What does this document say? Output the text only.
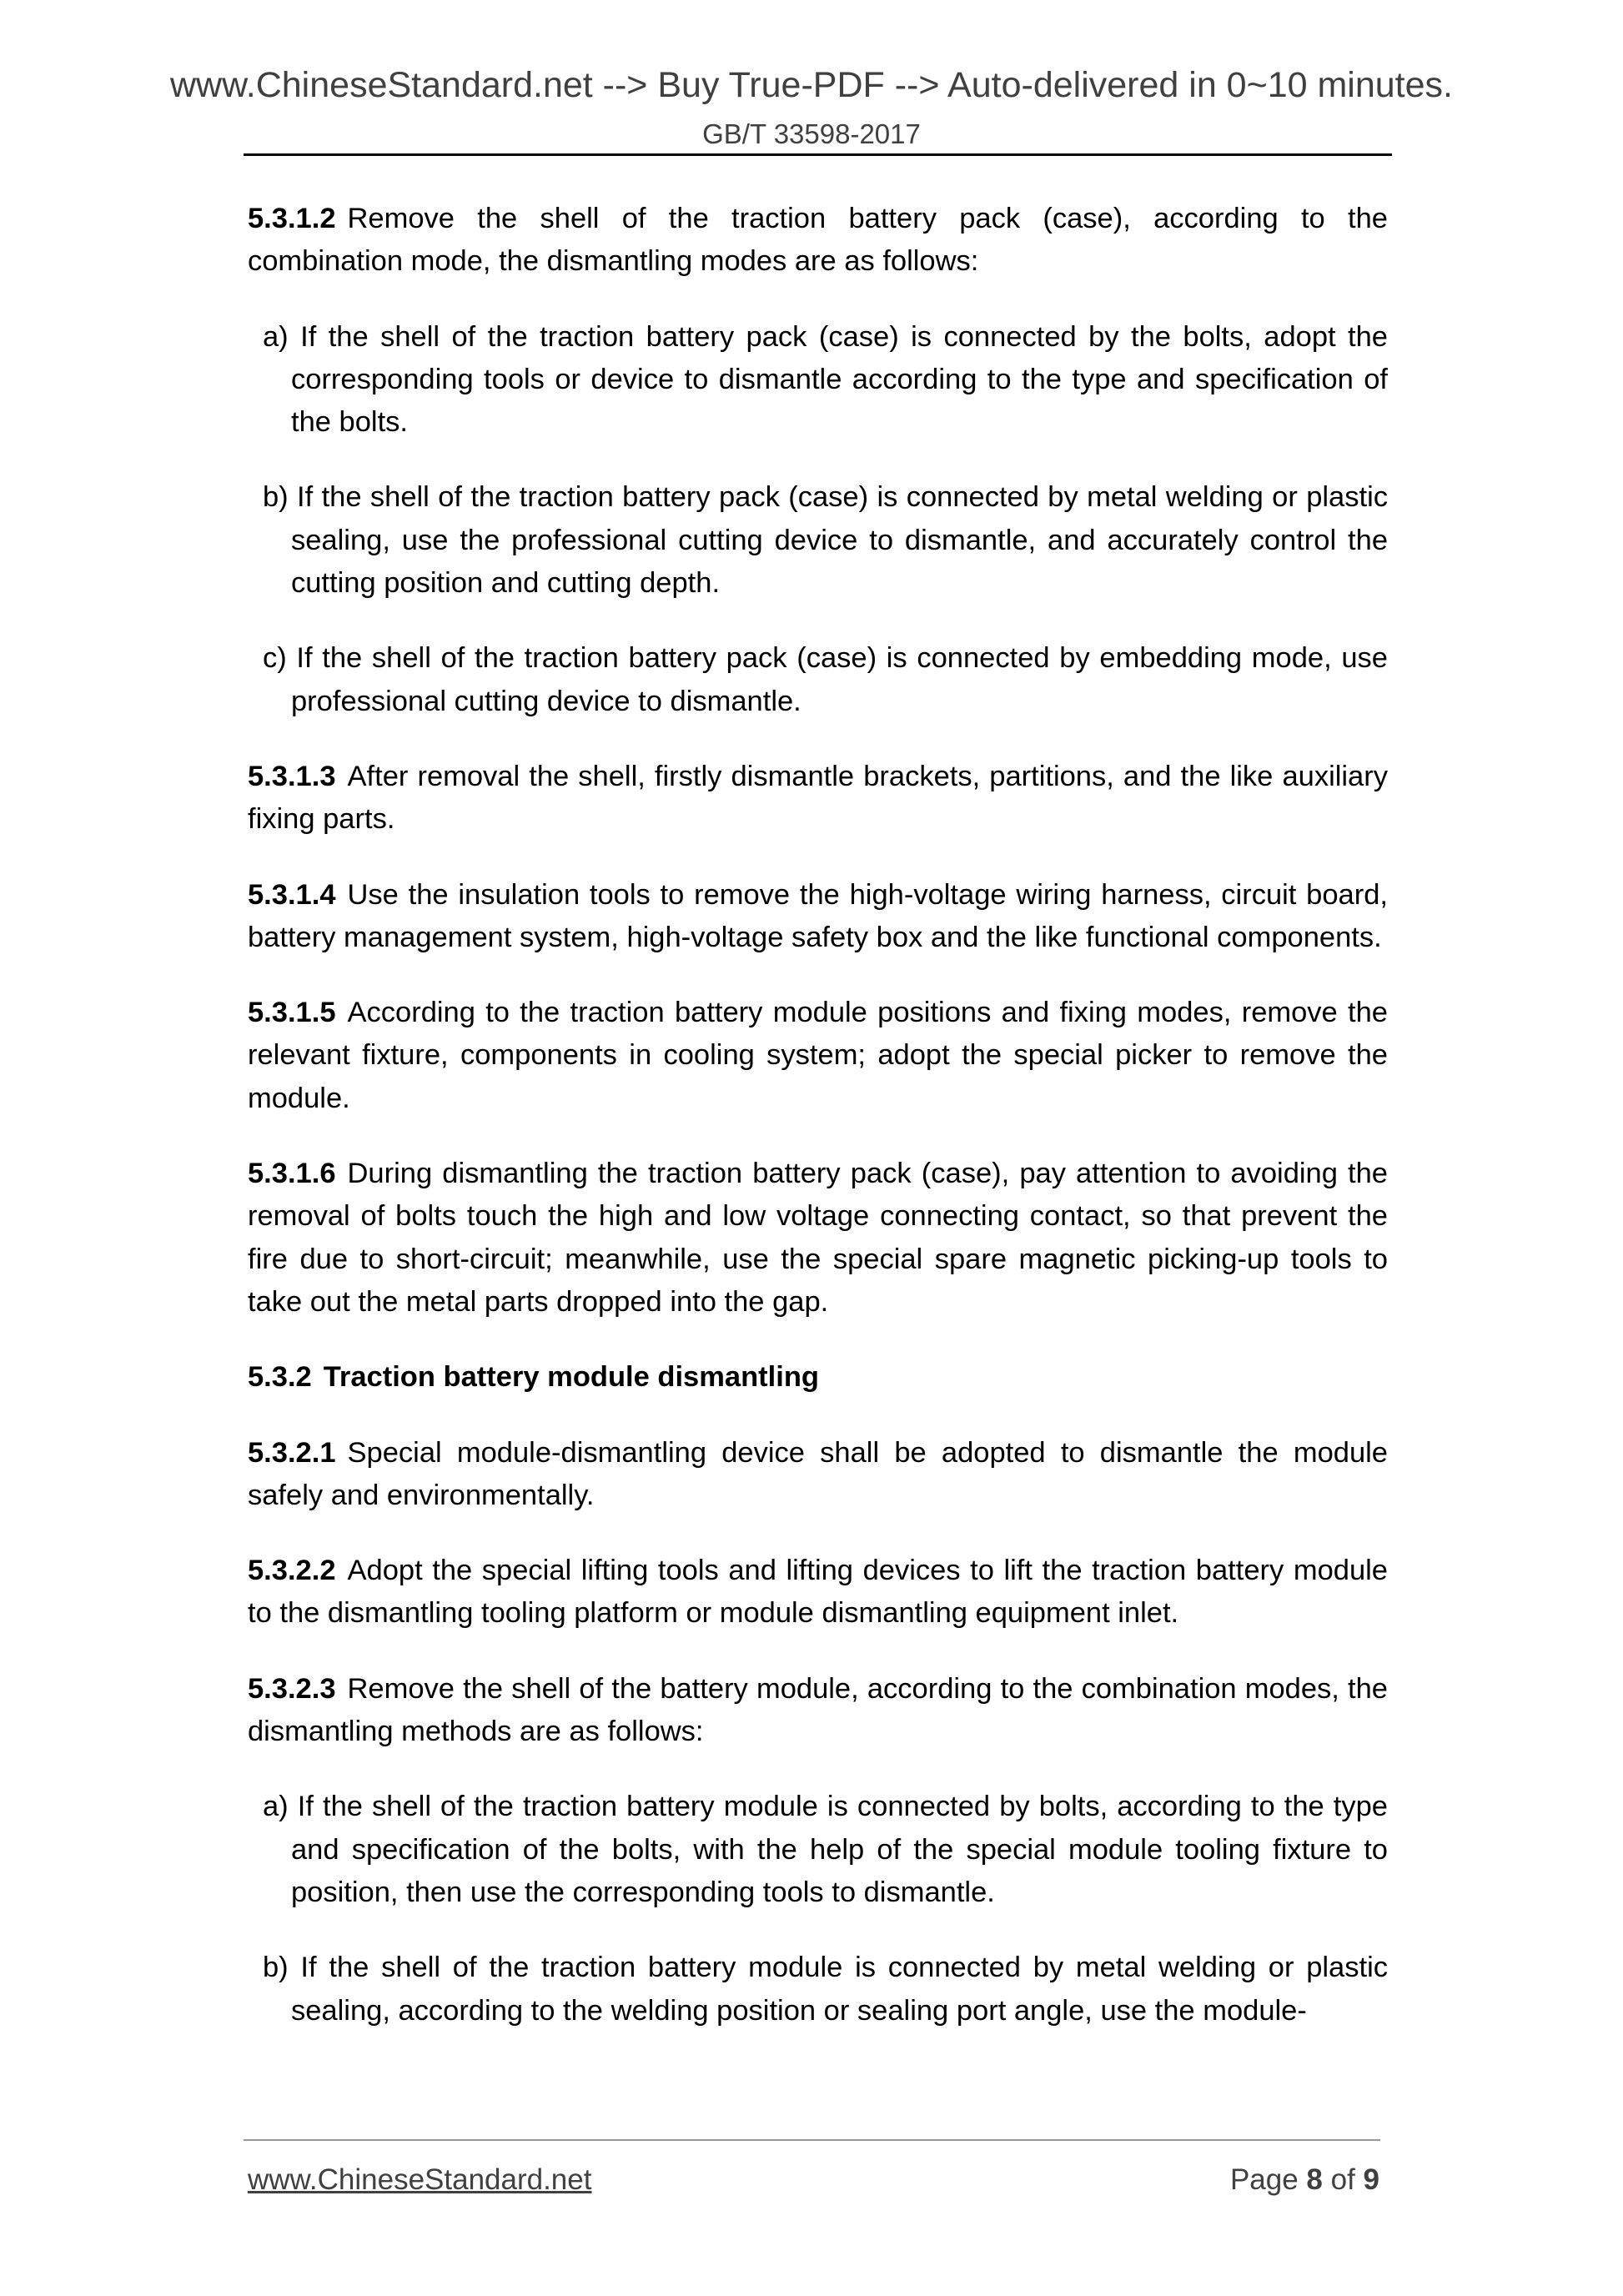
www.ChineseStandard.net --> Buy True-PDF --> Auto-delivered in 0~10 minutes.
GB/T 33598-2017

5.3.1.2 Remove the shell of the traction battery pack (case), according to the combination mode, the dismantling modes are as follows:

a) If the shell of the traction battery pack (case) is connected by the bolts, adopt the corresponding tools or device to dismantle according to the type and specification of the bolts.

b) If the shell of the traction battery pack (case) is connected by metal welding or plastic sealing, use the professional cutting device to dismantle, and accurately control the cutting position and cutting depth.

c) If the shell of the traction battery pack (case) is connected by embedding mode, use professional cutting device to dismantle.

5.3.1.3 After removal the shell, firstly dismantle brackets, partitions, and the like auxiliary fixing parts.

5.3.1.4 Use the insulation tools to remove the high-voltage wiring harness, circuit board, battery management system, high-voltage safety box and the like functional components.

5.3.1.5 According to the traction battery module positions and fixing modes, remove the relevant fixture, components in cooling system; adopt the special picker to remove the module.

5.3.1.6 During dismantling the traction battery pack (case), pay attention to avoiding the removal of bolts touch the high and low voltage connecting contact, so that prevent the fire due to short-circuit; meanwhile, use the special spare magnetic picking-up tools to take out the metal parts dropped into the gap.

5.3.2 Traction battery module dismantling

5.3.2.1 Special module-dismantling device shall be adopted to dismantle the module safely and environmentally.

5.3.2.2 Adopt the special lifting tools and lifting devices to lift the traction battery module to the dismantling tooling platform or module dismantling equipment inlet.

5.3.2.3 Remove the shell of the battery module, according to the combination modes, the dismantling methods are as follows:

a) If the shell of the traction battery module is connected by bolts, according to the type and specification of the bolts, with the help of the special module tooling fixture to position, then use the corresponding tools to dismantle.

b) If the shell of the traction battery module is connected by metal welding or plastic sealing, according to the welding position or sealing port angle, use the module-

www.ChineseStandard.net	Page 8 of 9
